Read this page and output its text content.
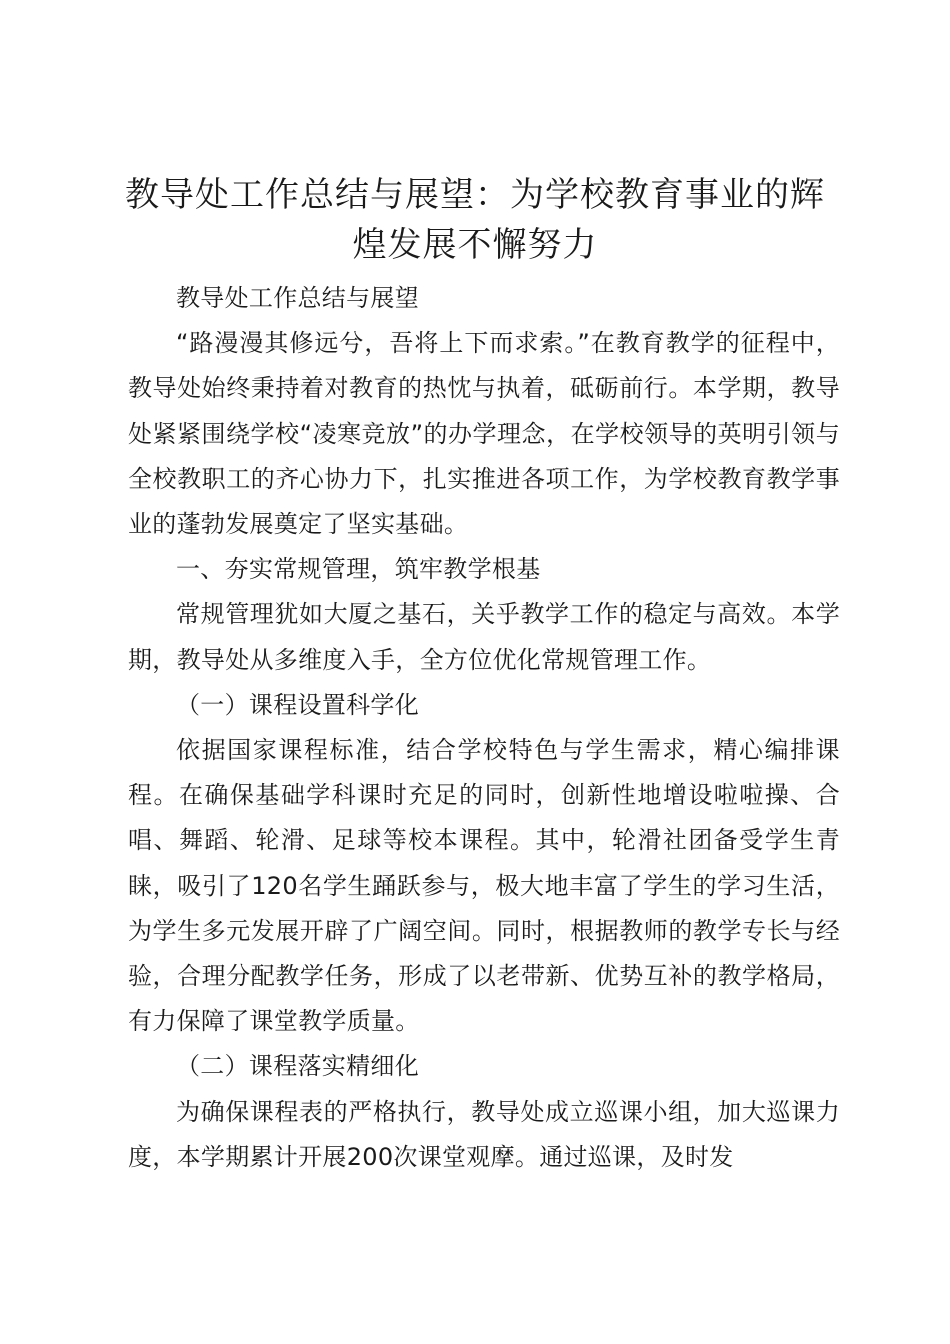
教导处工作总结与展望：为学校教育事业的辉煌发展不懈努力

教导处工作总结与展望

“路漫漫其修远兮，吾将上下而求索。”在教育教学的征程中，教导处始终秉持着对教育的热忱与执着，砥砺前行。本学期，教导处紧紧围绕学校“凌寒竞放”的办学理念，在学校领导的英明引领与全校教职工的齐心协力下，扎实推进各项工作，为学校教育教学事业的蓬勃发展奠定了坚实基础。

一、夯实常规管理，筑牢教学根基

常规管理犹如大厦之基石，关乎教学工作的稳定与高效。本学期，教导处从多维度入手，全方位优化常规管理工作。

（一）课程设置科学化

依据国家课程标准，结合学校特色与学生需求，精心编排课程。在确保基础学科课时充足的同时，创新性地增设啦啦操、合唱、舞蹈、轮滑、足球等校本课程。其中，轮滑社团备受学生青睐，吸引了120名学生踊跃参与，极大地丰富了学生的学习生活，为学生多元发展开辟了广阔空间。同时，根据教师的教学专长与经验，合理分配教学任务，形成了以老带新、优势互补的教学格局，有力保障了课堂教学质量。

（二）课程落实精细化

为确保课程表的严格执行，教导处成立巡课小组，加大巡课力度，本学期累计开展200次课堂观摩。通过巡课，及时发
